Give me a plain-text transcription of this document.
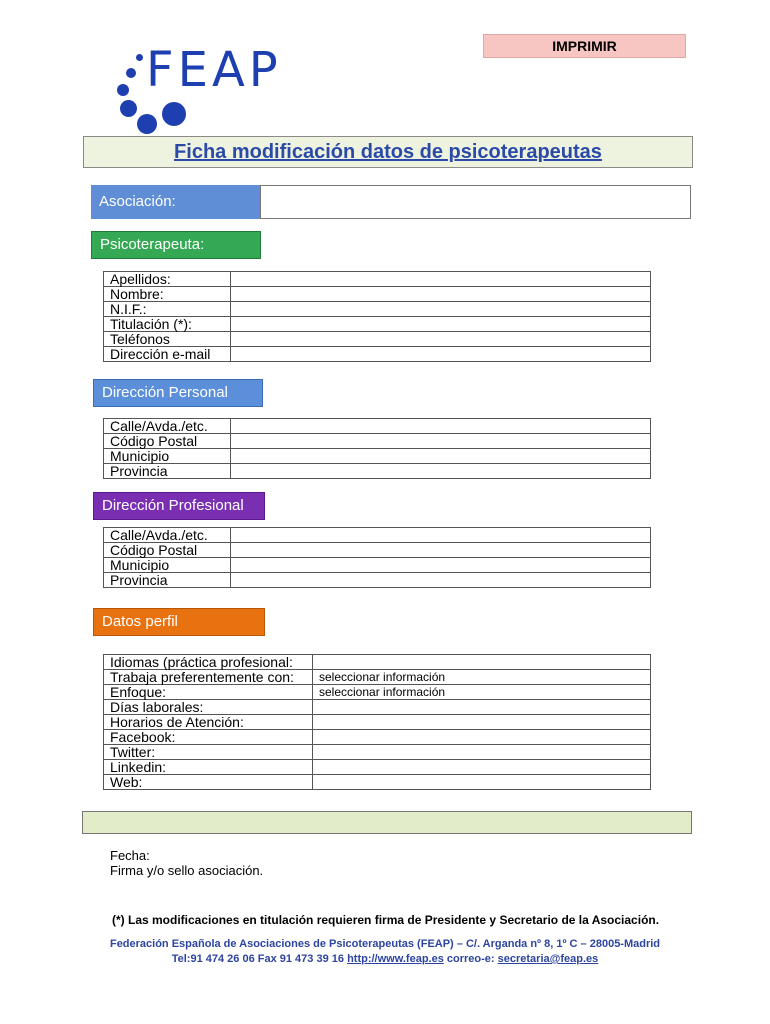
IMPRIMIR
FEAP
Ficha modificación datos de psicoterapeutas
Asociación:
Psicoterapeuta:
Apellidos:	
Nombre:	
N.I.F.:	
Titulación (*):	
Teléfonos	
Dirección e-mail	
Dirección Personal
Calle/Avda./etc.	
Código Postal	
Municipio	
Provincia	
Dirección Profesional
Calle/Avda./etc.	
Código Postal	
Municipio	
Provincia	
Datos perfil
Idiomas (práctica profesional:	
Trabaja preferentemente con:	seleccionar información
Enfoque:	seleccionar información
Días laborales:	
Horarios de Atención:	
Facebook:	
Twitter:	
Linkedin:	
Web:	
Fecha:
Firma y/o sello asociación.
(*) Las modificaciones en titulación requieren firma de Presidente y Secretario de la Asociación.
Federación Española de Asociaciones de Psicoterapeutas (FEAP) – C/. Arganda nº 8, 1º C – 28005-Madrid
Tel:91 474 26 06 Fax 91 473 39 16 http://www.feap.es correo-e: secretaria@feap.es
